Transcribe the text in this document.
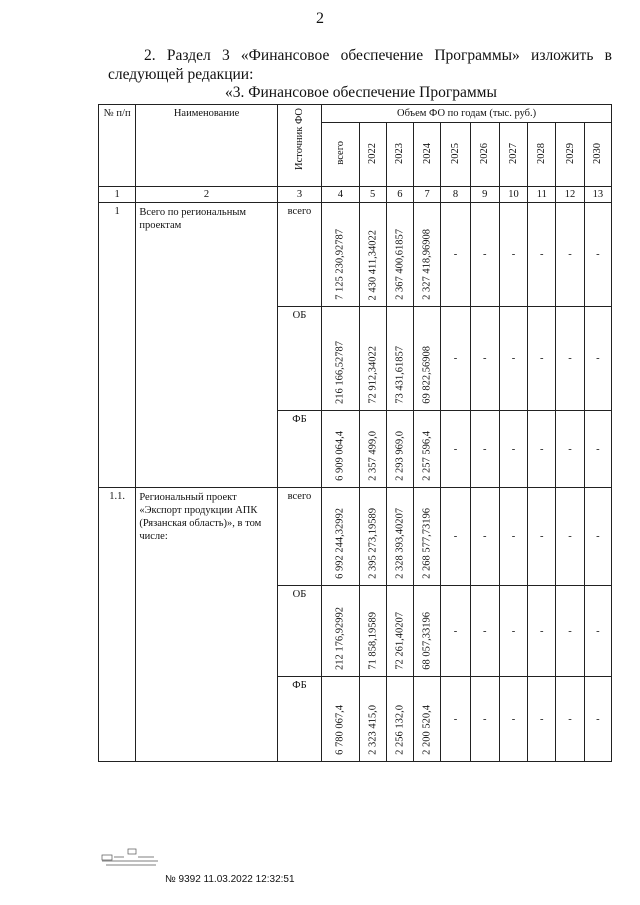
2
2. Раздел 3 «Финансовое обеспечение Программы» изложить в
следующей редакции:
«3. Финансовое обеспечение Программы
№ п/п	Наименование	Источник ФО	Объем ФО по годам (тыс. руб.)									
			всего	2022	2023	2024	2025	2026	2027	2028	2029	2030
1	2	3	4	5	6	7	8	9	10	11	12	13
1	Всего по региональным проектам	всего	7 125 230,92787	2 430 411,34022	2 367 400,61857	2 327 418,96908	-	-	-	-	-	-
		ОБ	216 166,52787	72 912,34022	73 431,61857	69 822,56908	-	-	-	-	-	-
		ФБ	6 909 064,4	2 357 499,0	2 293 969,0	2 257 596,4	-	-	-	-	-	-
1.1.	Региональный проект «Экспорт продукции АПК (Рязанская область)», в том числе:	всего	6 992 244,32992	2 395 273,19589	2 328 393,40207	2 268 577,73196	-	-	-	-	-	-
		ОБ	212 176,92992	71 858,19589	72 261,40207	68 057,33196	-	-	-	-	-	-
		ФБ	6 780 067,4	2 323 415,0	2 256 132,0	2 200 520,4	-	-	-	-	-	-
№ 9392 11.03.2022 12:32:51
